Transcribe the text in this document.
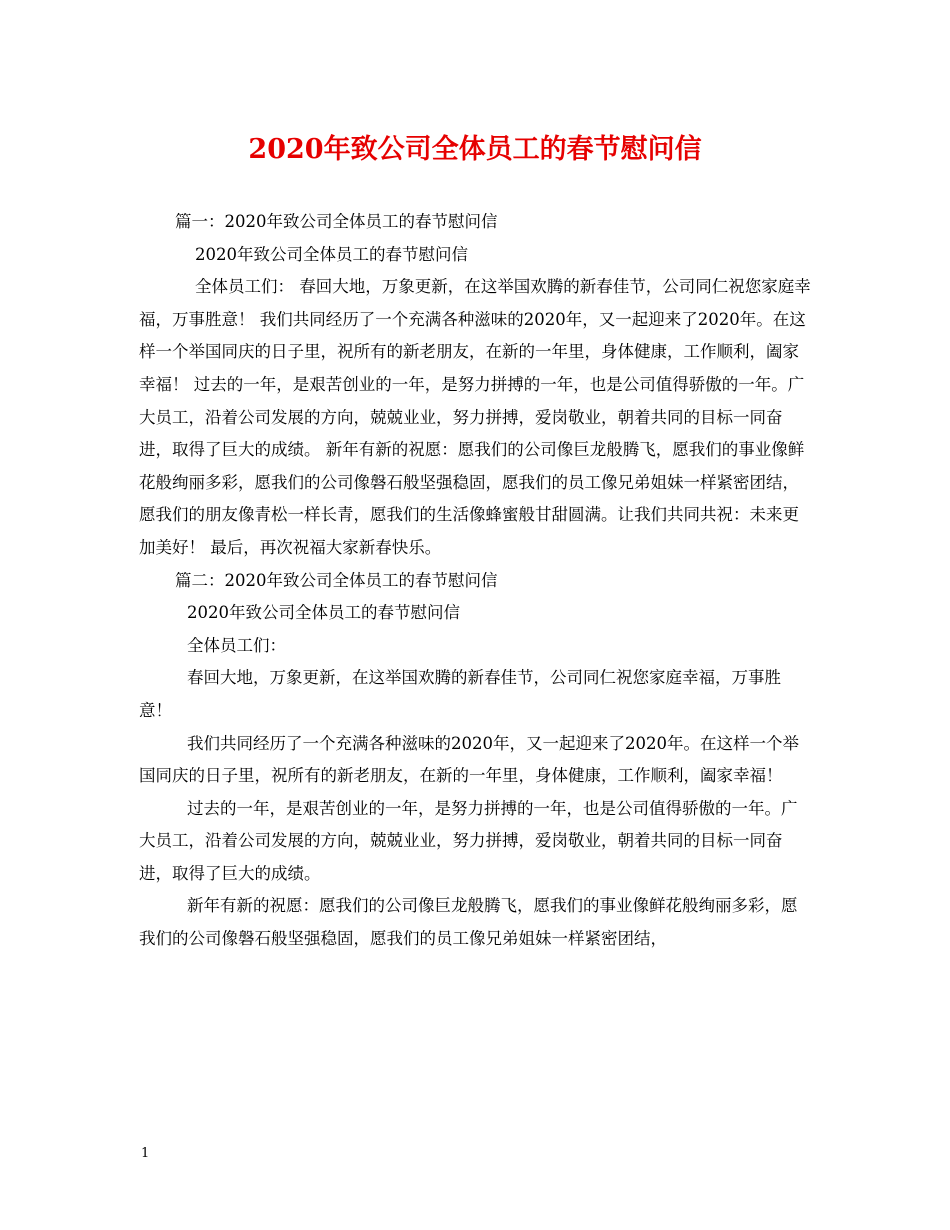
2020年致公司全体员工的春节慰问信

篇一：2020年致公司全体员工的春节慰问信

2020年致公司全体员工的春节慰问信

全体员工们： 春回大地，万象更新，在这举国欢腾的新春佳节，公司同仁祝您家庭幸福，万事胜意！ 我们共同经历了一个充满各种滋味的2020年，又一起迎来了2020年。在这样一个举国同庆的日子里，祝所有的新老朋友，在新的一年里，身体健康，工作顺利，阖家幸福！ 过去的一年，是艰苦创业的一年，是努力拼搏的一年，也是公司值得骄傲的一年。广大员工，沿着公司发展的方向，兢兢业业，努力拼搏，爱岗敬业，朝着共同的目标一同奋进，取得了巨大的成绩。 新年有新的祝愿：愿我们的公司像巨龙般腾飞，愿我们的事业像鲜花般绚丽多彩，愿我们的公司像磐石般坚强稳固，愿我们的员工像兄弟姐妹一样紧密团结，愿我们的朋友像青松一样长青，愿我们的生活像蜂蜜般甘甜圆满。让我们共同共祝：未来更加美好！ 最后，再次祝福大家新春快乐。

篇二：2020年致公司全体员工的春节慰问信

2020年致公司全体员工的春节慰问信

全体员工们：

春回大地，万象更新，在这举国欢腾的新春佳节，公司同仁祝您家庭幸福，万事胜意！

我们共同经历了一个充满各种滋味的2020年，又一起迎来了2020年。在这样一个举国同庆的日子里，祝所有的新老朋友，在新的一年里，身体健康，工作顺利，阖家幸福！

过去的一年，是艰苦创业的一年，是努力拼搏的一年，也是公司值得骄傲的一年。广大员工，沿着公司发展的方向，兢兢业业，努力拼搏，爱岗敬业，朝着共同的目标一同奋进，取得了巨大的成绩。

新年有新的祝愿：愿我们的公司像巨龙般腾飞，愿我们的事业像鲜花般绚丽多彩，愿我们的公司像磐石般坚强稳固，愿我们的员工像兄弟姐妹一样紧密团结，

1
